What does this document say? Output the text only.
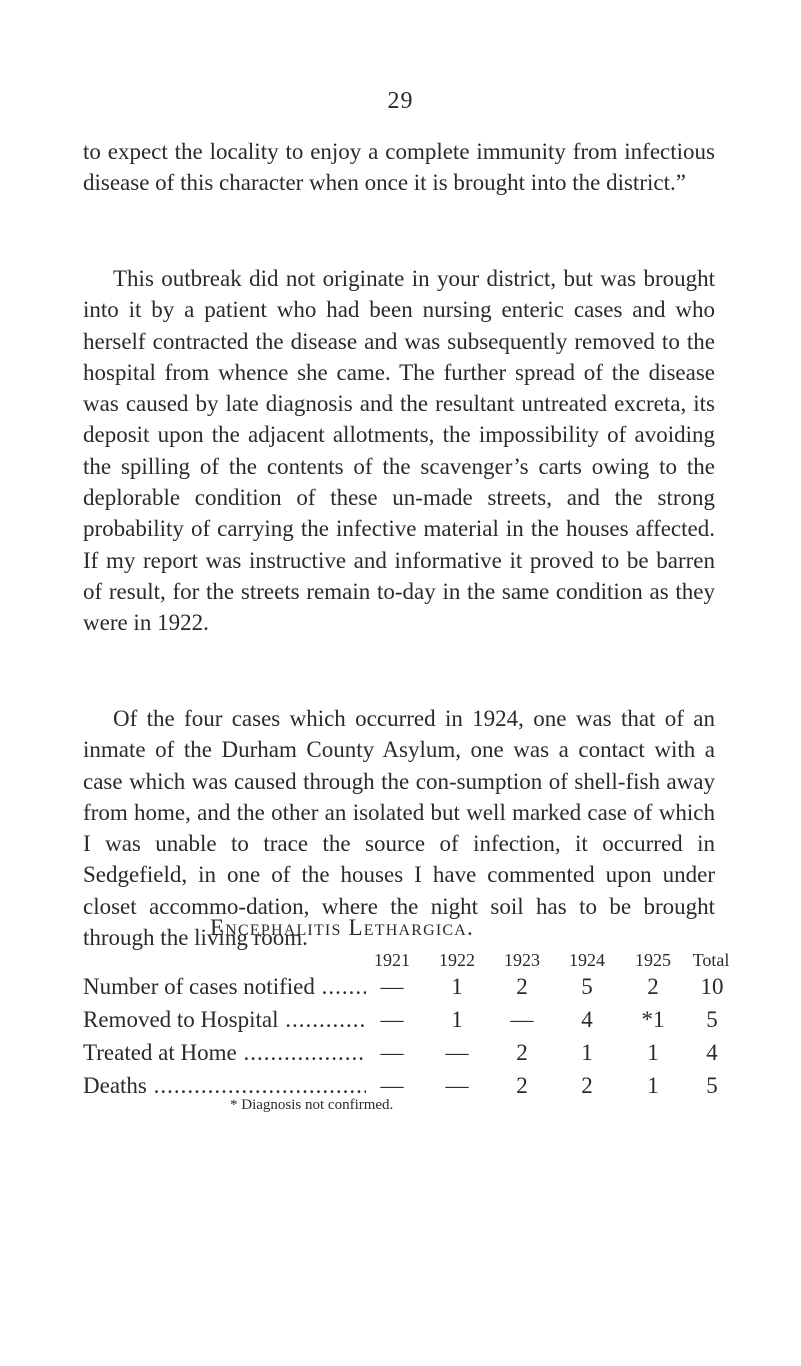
29

to expect the locality to enjoy a complete immunity from infectious disease of this character when once it is brought into the district.”

This outbreak did not originate in your district, but was brought into it by a patient who had been nursing enteric cases and who herself contracted the disease and was subsequently removed to the hospital from whence she came. The further spread of the disease was caused by late diagnosis and the resultant untreated excreta, its deposit upon the adjacent allotments, the impossibility of avoiding the spilling of the contents of the scavenger’s carts owing to the deplorable condition of these un-made streets, and the strong probability of carrying the infective material in the houses affected. If my report was instructive and informative it proved to be barren of result, for the streets remain to-day in the same condition as they were in 1922.

Of the four cases which occurred in 1924, one was that of an inmate of the Durham County Asylum, one was a contact with a case which was caused through the con-sumption of shell-fish away from home, and the other an isolated but well marked case of which I was unable to trace the source of infection, it occurred in Sedgefield, in one of the houses I have commented upon under closet accommo-dation, where the night soil has to be brought through the living room.

Encephalitis Lethargica.
1921	1922	1923	1924	1925	Total
Number of cases notified .....	—	1	2	5	2	10
Removed to Hospital .....	—	1	—	4	*1	5
Treated at Home .....	—	—	2	1	1	4
Deaths .....	—	—	2	2	1	5
* Diagnosis not confirmed.
